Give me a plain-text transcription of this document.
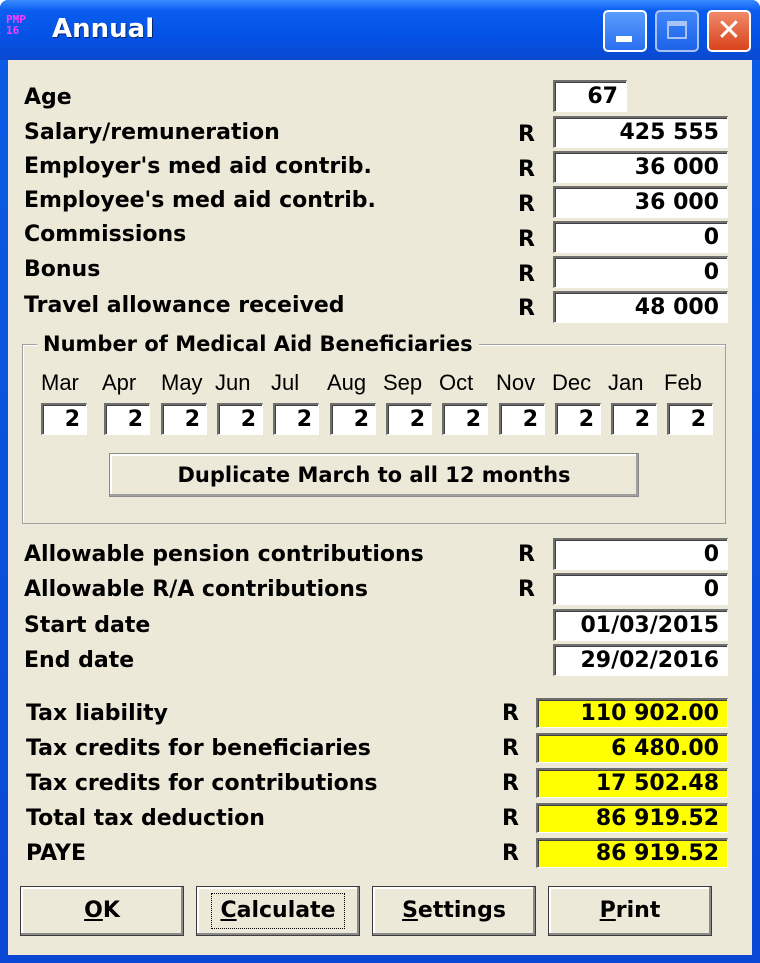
PMP
16	Annual	✕
Age	67
Salary/remuneration	R	425 555
Employer's med aid contrib.	R	36 000
Employee's med aid contrib.	R	36 000
Commissions	R	0
Bonus	R	0
Travel allowance received	R	48 000
Number of Medical Aid Beneficiaries
Mar Apr May Jun Jul Aug Sep Oct Nov Dec Jan Feb
2	2	2	2	2	2	2	2	2	2	2	2
Duplicate March to all 12 months
Allowable pension contributions	R	0
Allowable R/A contributions	R	0
Start date	01/03/2015
End date	29/02/2016
Tax liability	R	110 902.00
Tax credits for beneficiaries	R	6 480.00
Tax credits for contributions	R	17 502.48
Total tax deduction	R	86 919.52
PAYE	R	86 919.52
OK	Calculate	Settings	Print
